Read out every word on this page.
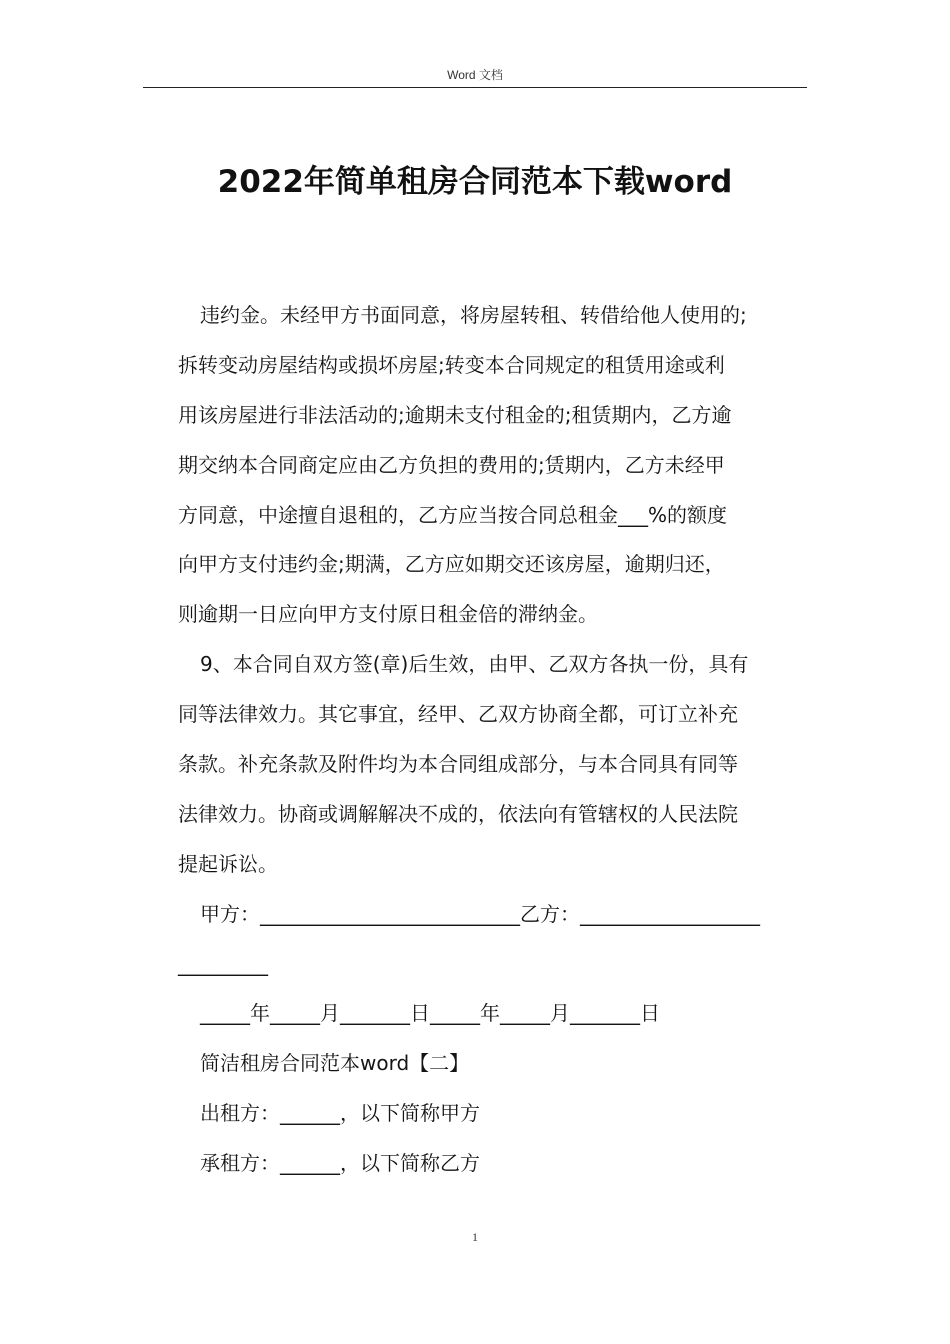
Word 文档
2022年简单租房合同范本下载word
违约金。未经甲方书面同意，将房屋转租、转借给他人使用的;
拆转变动房屋结构或损坏房屋;转变本合同规定的租赁用途或利
用该房屋进行非法活动的;逾期未支付租金的;租赁期内，乙方逾
期交纳本合同商定应由乙方负担的费用的;赁期内，乙方未经甲
方同意，中途擅自退租的，乙方应当按合同总租金___%的额度
向甲方支付违约金;期满，乙方应如期交还该房屋，逾期归还，
则逾期一日应向甲方支付原日租金倍的滞纳金。
9、本合同自双方签(章)后生效，由甲、乙双方各执一份，具有
同等法律效力。其它事宜，经甲、乙双方协商全都，可订立补充
条款。补充条款及附件均为本合同组成部分，与本合同具有同等
法律效力。协商或调解解决不成的，依法向有管辖权的人民法院
提起诉讼。
甲方：__________________________乙方：__________________
_________
_____年_____月_______日_____年_____月_______日
简洁租房合同范本word【二】
出租方：______，以下简称甲方
承租方：______，以下简称乙方
1
